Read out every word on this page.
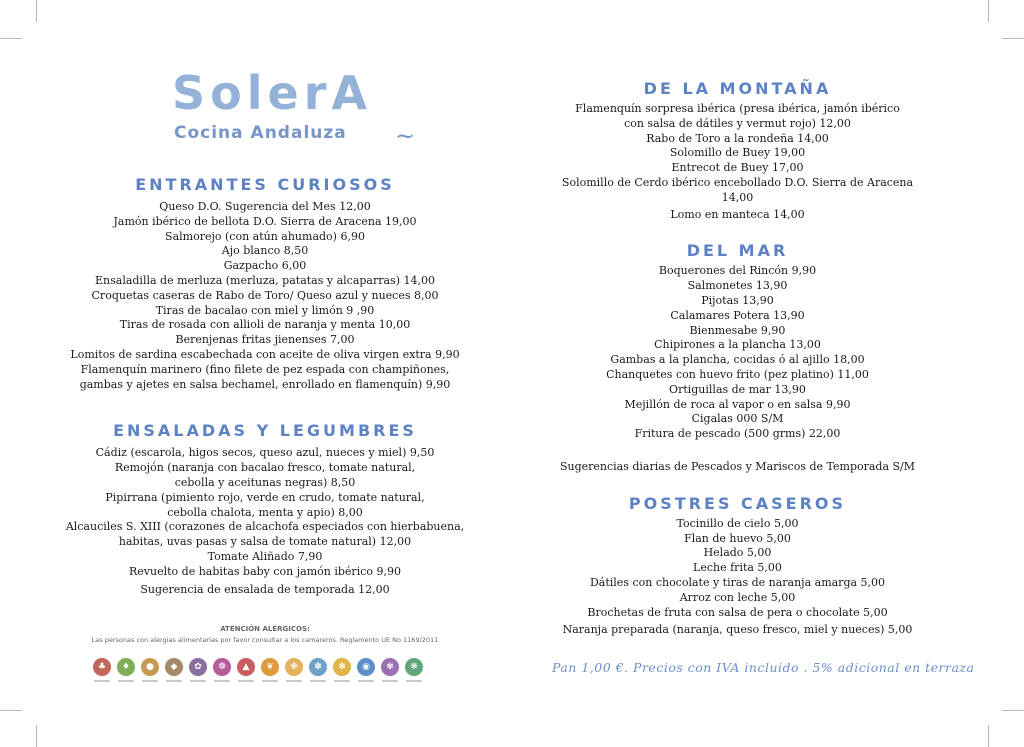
SolerA
Cocina Andaluza ~
ENTRANTES CURIOSOS
Queso D.O. Sugerencia del Mes 12,00
Jamón ibérico de bellota D.O. Sierra de Aracena 19,00
Salmorejo (con atún ahumado) 6,90
Ajo blanco 8,50
Gazpacho 6,00
Ensaladilla de merluza (merluza, patatas y alcaparras) 14,00
Croquetas caseras de Rabo de Toro/ Queso azul y nueces 8,00
Tiras de bacalao con miel y limón 9 ,90
Tiras de rosada con allioli de naranja y menta 10,00
Berenjenas fritas jienenses 7,00
Lomitos de sardina escabechada con aceite de oliva virgen extra 9,90
Flamenquín marinero (fino filete de pez espada con champiñones,
gambas y ajetes en salsa bechamel, enrollado en flamenquín) 9,90
ENSALADAS Y LEGUMBRES
Cádiz (escarola, higos secos, queso azul, nueces y miel) 9,50
Remojón (naranja con bacalao fresco, tomate natural,
cebolla y aceitunas negras) 8,50
Pipirrana (pimiento rojo, verde en crudo, tomate natural,
cebolla chalota, menta y apio) 8,00
Alcauciles S. XIII (corazones de alcachofa especiados con hierbabuena,
habitas, uvas pasas y salsa de tomate natural) 12,00
Tomate Aliñado 7,90
Revuelto de habitas baby con jamón ibérico 9,90
Sugerencia de ensalada de temporada 12,00
ATENCIÓN ALÉRGICOS:
Las personas con alergias alimentarias por favor consultar a los camareros. Reglamento UE No 1169/2011
♣	♦	●	◆	✿	❁	▲	❦	✤	✽	❃	◉	✾	❋
DE LA MONTAÑA
Flamenquín sorpresa ibérica (presa ibérica, jamón ibérico
con salsa de dátiles y vermut rojo) 12,00
Rabo de Toro a la rondeña 14,00
Solomillo de Buey 19,00
Entrecot de Buey 17,00
Solomillo de Cerdo ibérico encebollado D.O. Sierra de Aracena 14,00
Lomo en manteca 14,00
DEL MAR
Boquerones del Rincón 9,90
Salmonetes 13,90
Pijotas 13,90
Calamares Potera 13,90
Bienmesabe 9,90
Chipirones a la plancha 13,00
Gambas a la plancha, cocidas ó al ajillo 18,00
Chanquetes con huevo frito (pez platino) 11,00
Ortiguillas de mar 13,90
Mejillón de roca al vapor o en salsa 9,90
Cigalas 000 S/M
Fritura de pescado (500 grms) 22,00
Sugerencias diarias de Pescados y Mariscos de Temporada S/M
POSTRES CASEROS
Tocinillo de cielo 5,00
Flan de huevo 5,00
Helado 5,00
Leche frita 5,00
Dátiles con chocolate y tiras de naranja amarga 5,00
Arroz con leche 5,00
Brochetas de fruta con salsa de pera o chocolate 5,00
Naranja preparada (naranja, queso fresco, miel y nueces) 5,00
Pan 1,00 €. Precios con IVA incluido . 5% adicional en terraza
